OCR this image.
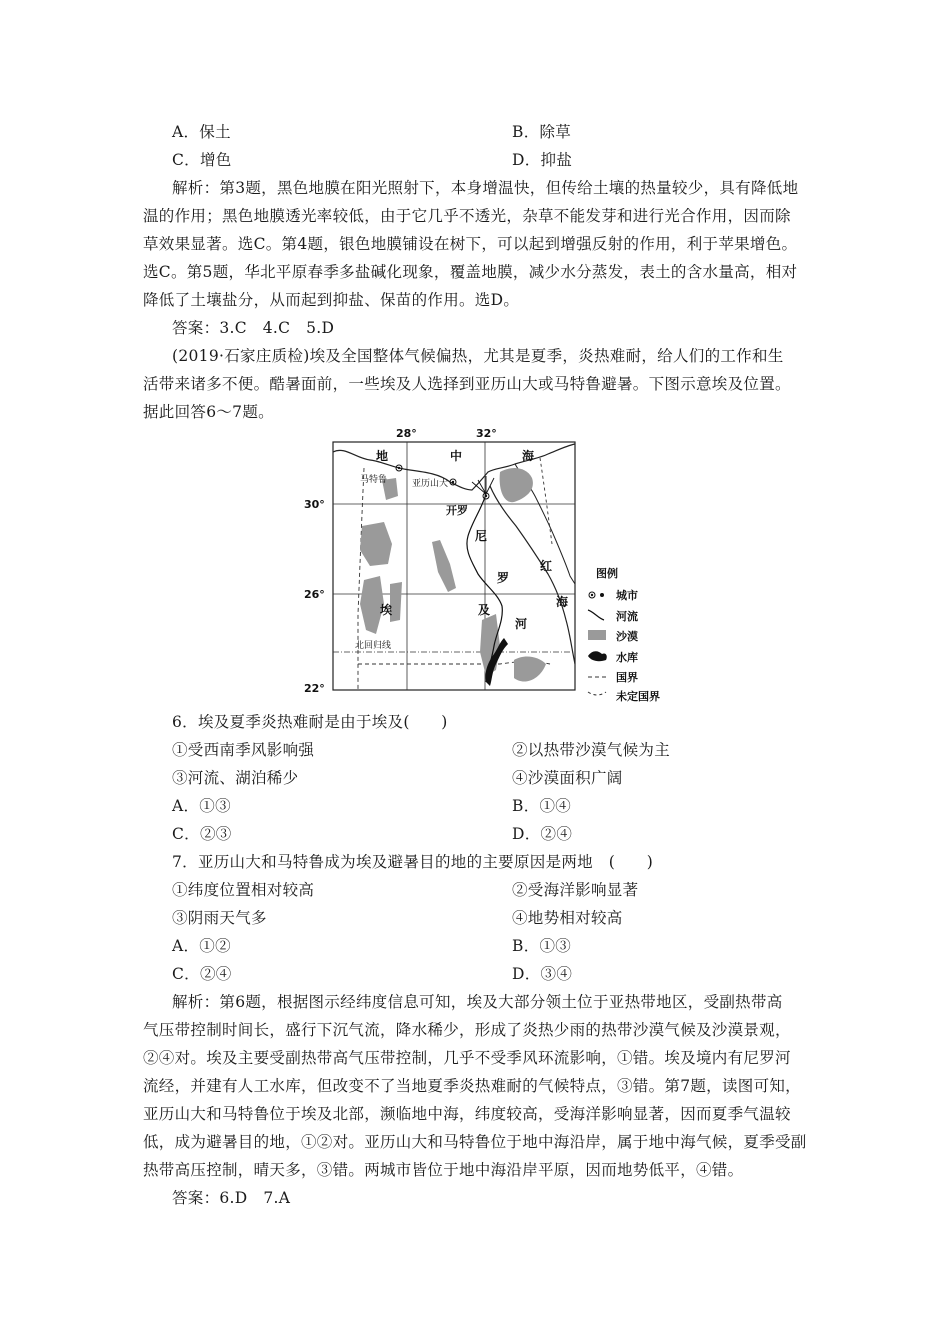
A．保土	B．除草
C．增色	D．抑盐
解析：第3题，黑色地膜在阳光照射下，本身增温快，但传给土壤的热量较少，具有降低地
温的作用；黑色地膜透光率较低，由于它几乎不透光，杂草不能发芽和进行光合作用，因而除
草效果显著。选C。第4题，银色地膜铺设在树下，可以起到增强反射的作用，利于苹果增色。
选C。第5题，华北平原春季多盐碱化现象，覆盖地膜，减少水分蒸发，表土的含水量高，相对
降低了土壤盐分，从而起到抑盐、保苗的作用。选D。
答案：3.C　4.C　5.D
(2019·石家庄质检)埃及全国整体气候偏热，尤其是夏季，炎热难耐，给人们的工作和生
活带来诸多不便。酷暑面前，一些埃及人选择到亚历山大或马特鲁避暑。下图示意埃及位置。
据此回答6～7题。
28°	32°
30°
26°
22°
地	中	海
马特鲁	亚历山大
开罗
尼
罗
河
埃	及
红
海
北回归线
图例
城市
河流
沙漠
水库
国界
未定国界
6．埃及夏季炎热难耐是由于埃及(　　)
①受西南季风影响强	②以热带沙漠气候为主
③河流、湖泊稀少	④沙漠面积广阔
A．①③	B．①④
C．②③	D．②④
7．亚历山大和马特鲁成为埃及避暑目的地的主要原因是两地　(　　)
①纬度位置相对较高	②受海洋影响显著
③阴雨天气多	④地势相对较高
A．①②	B．①③
C．②④	D．③④
解析：第6题，根据图示经纬度信息可知，埃及大部分领土位于亚热带地区，受副热带高
气压带控制时间长，盛行下沉气流，降水稀少，形成了炎热少雨的热带沙漠气候及沙漠景观，
②④对。埃及主要受副热带高气压带控制，几乎不受季风环流影响，①错。埃及境内有尼罗河
流经，并建有人工水库，但改变不了当地夏季炎热难耐的气候特点，③错。第7题，读图可知，
亚历山大和马特鲁位于埃及北部，濒临地中海，纬度较高，受海洋影响显著，因而夏季气温较
低，成为避暑目的地，①②对。亚历山大和马特鲁位于地中海沿岸，属于地中海气候，夏季受副
热带高压控制，晴天多，③错。两城市皆位于地中海沿岸平原，因而地势低平，④错。
答案：6.D　7.A
